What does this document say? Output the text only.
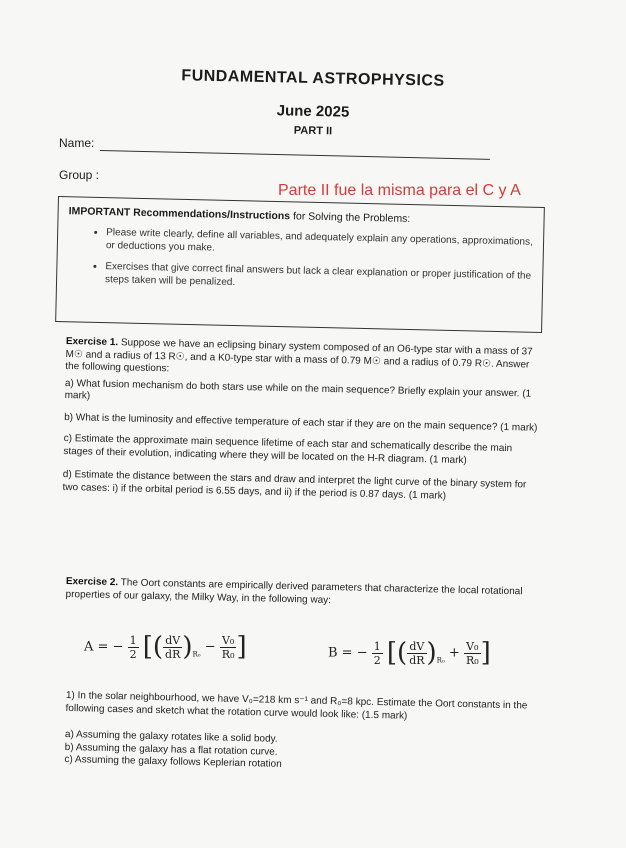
FUNDAMENTAL ASTROPHYSICS
June 2025
PART II
Name:
Group :
Parte II fue la misma para el C y A
IMPORTANT Recommendations/Instructions for Solving the Problems:
• Please write clearly, define all variables, and adequately explain any operations, approximations, or deductions you make.
• Exercises that give correct final answers but lack a clear explanation or proper justification of the steps taken will be penalized.
Exercise 1. Suppose we have an eclipsing binary system composed of an O6-type star with a mass of 37 M☉ and a radius of 13 R☉, and a K0-type star with a mass of 0.79 M☉ and a radius of 0.79 R☉. Answer the following questions:
a) What fusion mechanism do both stars use while on the main sequence? Briefly explain your answer. (1 mark)
b) What is the luminosity and effective temperature of each star if they are on the main sequence? (1 mark)
c) Estimate the approximate main sequence lifetime of each star and schematically describe the main stages of their evolution, indicating where they will be located on the H-R diagram. (1 mark)
d) Estimate the distance between the stars and draw and interpret the light curve of the binary system for two cases: i) if the orbital period is 6.55 days, and ii) if the period is 0.87 days. (1 mark)
Exercise 2. The Oort constants are empirically derived parameters that characterize the local rotational properties of our galaxy, the Milky Way, in the following way:
A = − $\frac{1}{2}$ [( $\frac{dV}{dR} )_{R_0} - \frac{\text{V₀}}{\text{R₀}}$ ]	B = − $\frac{1}{2}$ [( $\frac{dV}{dR} )_{R_0} + \frac{\text{V₀}}{\text{R₀}}$ ]
1) In the solar neighbourhood, we have V₀=218 km s⁻¹ and R₀=8 kpc. Estimate the Oort constants in the following cases and sketch what the rotation curve would look like: (1.5 mark)
a) Assuming the galaxy rotates like a solid body.
b) Assuming the galaxy has a flat rotation curve.
c) Assuming the galaxy follows Keplerian rotation
